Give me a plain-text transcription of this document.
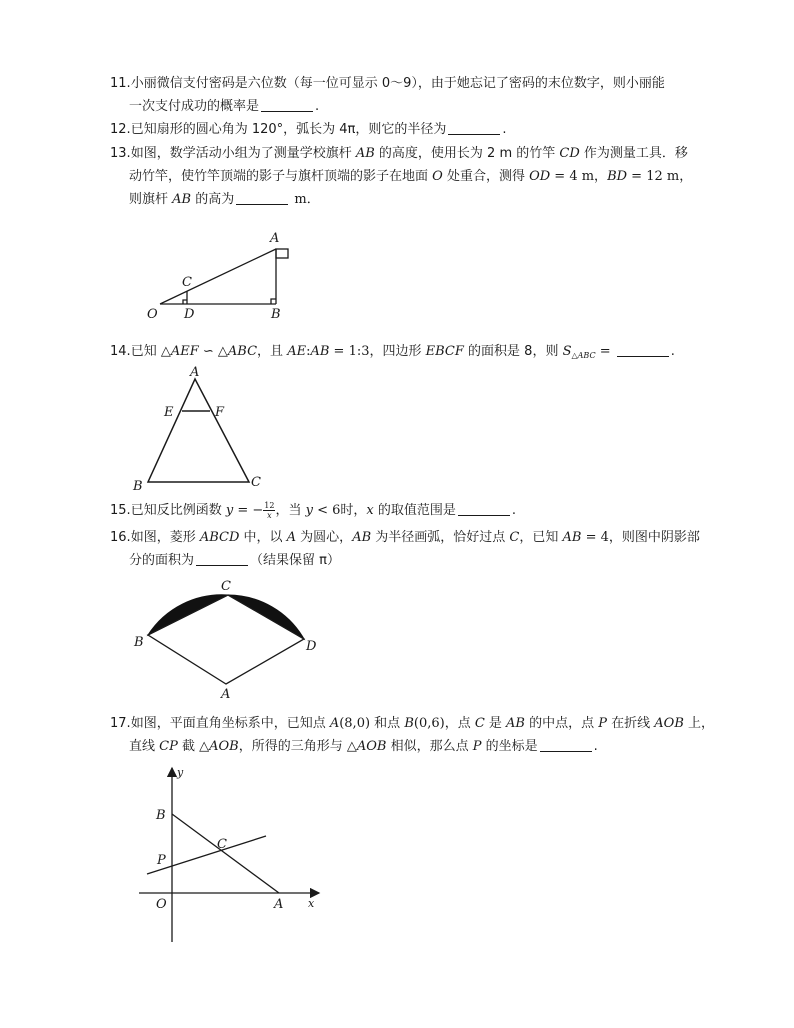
11.小丽微信支付密码是六位数（每一位可显示 0～9），由于她忘记了密码的末位数字，则小丽能
一次支付成功的概率是	.
12.已知扇形的圆心角为 120°，弧长为 4π，则它的半径为	.
13.如图，数学活动小组为了测量学校旗杆 AB 的高度，使用长为 2 m 的竹竿 CD 作为测量工具．移
动竹竿，使竹竿顶端的影子与旗杆顶端的影子在地面 O 处重合，测得 OD = 4 m，BD = 12 m，
则旗杆 AB 的高为	m．
A
C
O D	B
14.已知 △AEF ∽ △ABC，且 AE:AB = 1:3，四边形 EBCF 的面积是 8，则 $S_{\triangle ABC}$ =	.
A
E	F
B	C
15.已知反比例函数 y = − $\frac{12}{x}$ ，当 y < 6时，x 的取值范围是	.
16.如图，菱形 ABCD 中，以 A 为圆心，AB 为半径画弧，恰好过点 C，已知 AB = 4，则图中阴影部
分的面积为	（结果保留 π）
C
B	D
A
17.如图，平面直角坐标系中，已知点 A(8,0) 和点 B(0,6)，点 C 是 AB 的中点，点 P 在折线 AOB 上，
直线 CP 截 △AOB，所得的三角形与 △AOB 相似，那么点 P 的坐标是	.
y
B
C
P
O	A x
